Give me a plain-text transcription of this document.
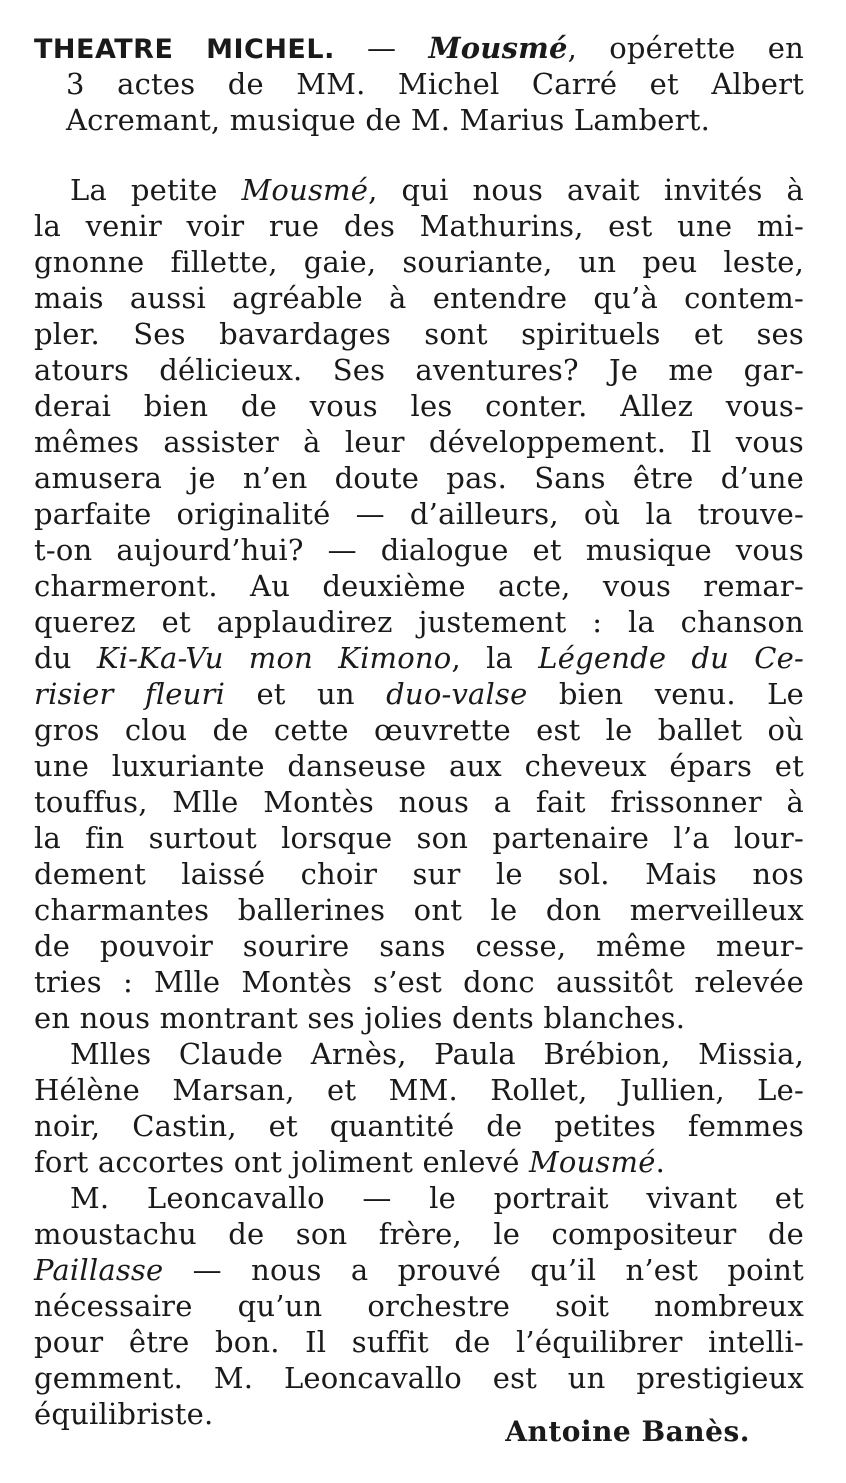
THEATRE MICHEL. — Mousmé, opérette en
3 actes de MM. Michel Carré et Albert
Acremant, musique de M. Marius Lambert.
La petite Mousmé, qui nous avait invités à
la venir voir rue des Mathurins, est une mi-
gnonne fillette, gaie, souriante, un peu leste,
mais aussi agréable à entendre qu’à contem-
pler. Ses bavardages sont spirituels et ses
atours délicieux. Ses aventures? Je me gar-
derai bien de vous les conter. Allez vous-
mêmes assister à leur développement. Il vous
amusera je n’en doute pas. Sans être d’une
parfaite originalité — d’ailleurs, où la trouve-
t-on aujourd’hui? — dialogue et musique vous
charmeront. Au deuxième acte, vous remar-
querez et applaudirez justement : la chanson
du Ki-Ka-Vu mon Kimono, la Légende du Ce-
risier fleuri et un duo-valse bien venu. Le
gros clou de cette œuvrette est le ballet où
une luxuriante danseuse aux cheveux épars et
touffus, Mlle Montès nous a fait frissonner à
la fin surtout lorsque son partenaire l’a lour-
dement laissé choir sur le sol. Mais nos
charmantes ballerines ont le don merveilleux
de pouvoir sourire sans cesse, même meur-
tries : Mlle Montès s’est donc aussitôt relevée
en nous montrant ses jolies dents blanches.
Mlles Claude Arnès, Paula Brébion, Missia,
Hélène Marsan, et MM. Rollet, Jullien, Le-
noir, Castin, et quantité de petites femmes
fort accortes ont joliment enlevé Mousmé.
M. Leoncavallo — le portrait vivant et
moustachu de son frère, le compositeur de
Paillasse — nous a prouvé qu’il n’est point
nécessaire qu’un orchestre soit nombreux
pour être bon. Il suffit de l’équilibrer intelli-
gemment. M. Leoncavallo est un prestigieux
équilibriste.
Antoine Banès.
